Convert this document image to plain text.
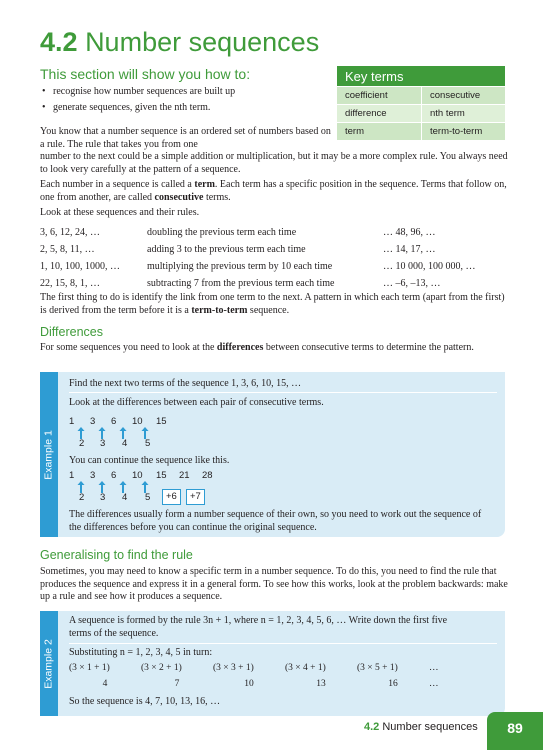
4.2 Number sequences
This section will show you how to:
• recognise how number sequences are built up
• generate sequences, given the nth term.
Key terms
coefficient	consecutive
difference	nth term
term	term-to-term
You know that a number sequence is an ordered set of numbers based on a rule. The rule that takes you from one
number to the next could be a simple addition or multiplication, but it may be a more complex rule. You always need to look very carefully at the pattern of a sequence.
Each number in a sequence is called a term. Each term has a specific position in the sequence. Terms that follow on, one from another, are called consecutive terms.
Look at these sequences and their rules.
3, 6, 12, 24, …	doubling the previous term each time	… 48, 96, …
2, 5, 8, 11, …	adding 3 to the previous term each time	… 14, 17, …
1, 10, 100, 1000, …	multiplying the previous term by 10 each time	… 10 000, 100 000, …
22, 15, 8, 1, …	subtracting 7 from the previous term each time	… –6, –13, …
The first thing to do is identify the link from one term to the next. A pattern in which each term (apart from the first) is derived from the term before it is a term-to-term sequence.
Differences
For some sequences you need to look at the differences between consecutive terms to determine the pattern.
Example 1
Find the next two terms of the sequence 1, 3, 6, 10, 15, …
Look at the differences between each pair of consecutive terms.
1 3 6 10 15
2 3 4 5
You can continue the sequence like this.
1 3 6 10 15 21 28
2 3 4 5	+6	+7
The differences usually form a number sequence of their own, so you need to work out the sequence of the differences before you can continue the original sequence.
Generalising to find the rule
Sometimes, you may need to know a specific term in a number sequence. To do this, you need to find the rule that produces the sequence and express it in a general form. To see how this works, look at the problem backwards: make up a rule and see how it produces a sequence.
Example 2
A sequence is formed by the rule 3n + 1, where n = 1, 2, 3, 4, 5, 6, … Write down the first five
terms of the sequence.
Substituting n = 1, 2, 3, 4, 5 in turn:
(3 × 1 + 1)	(3 × 2 + 1)	(3 × 3 + 1)	(3 × 4 + 1)	(3 × 5 + 1)	…
4	7	10	13	16	…
So the sequence is 4, 7, 10, 13, 16, …
4.2 Number sequences	89
